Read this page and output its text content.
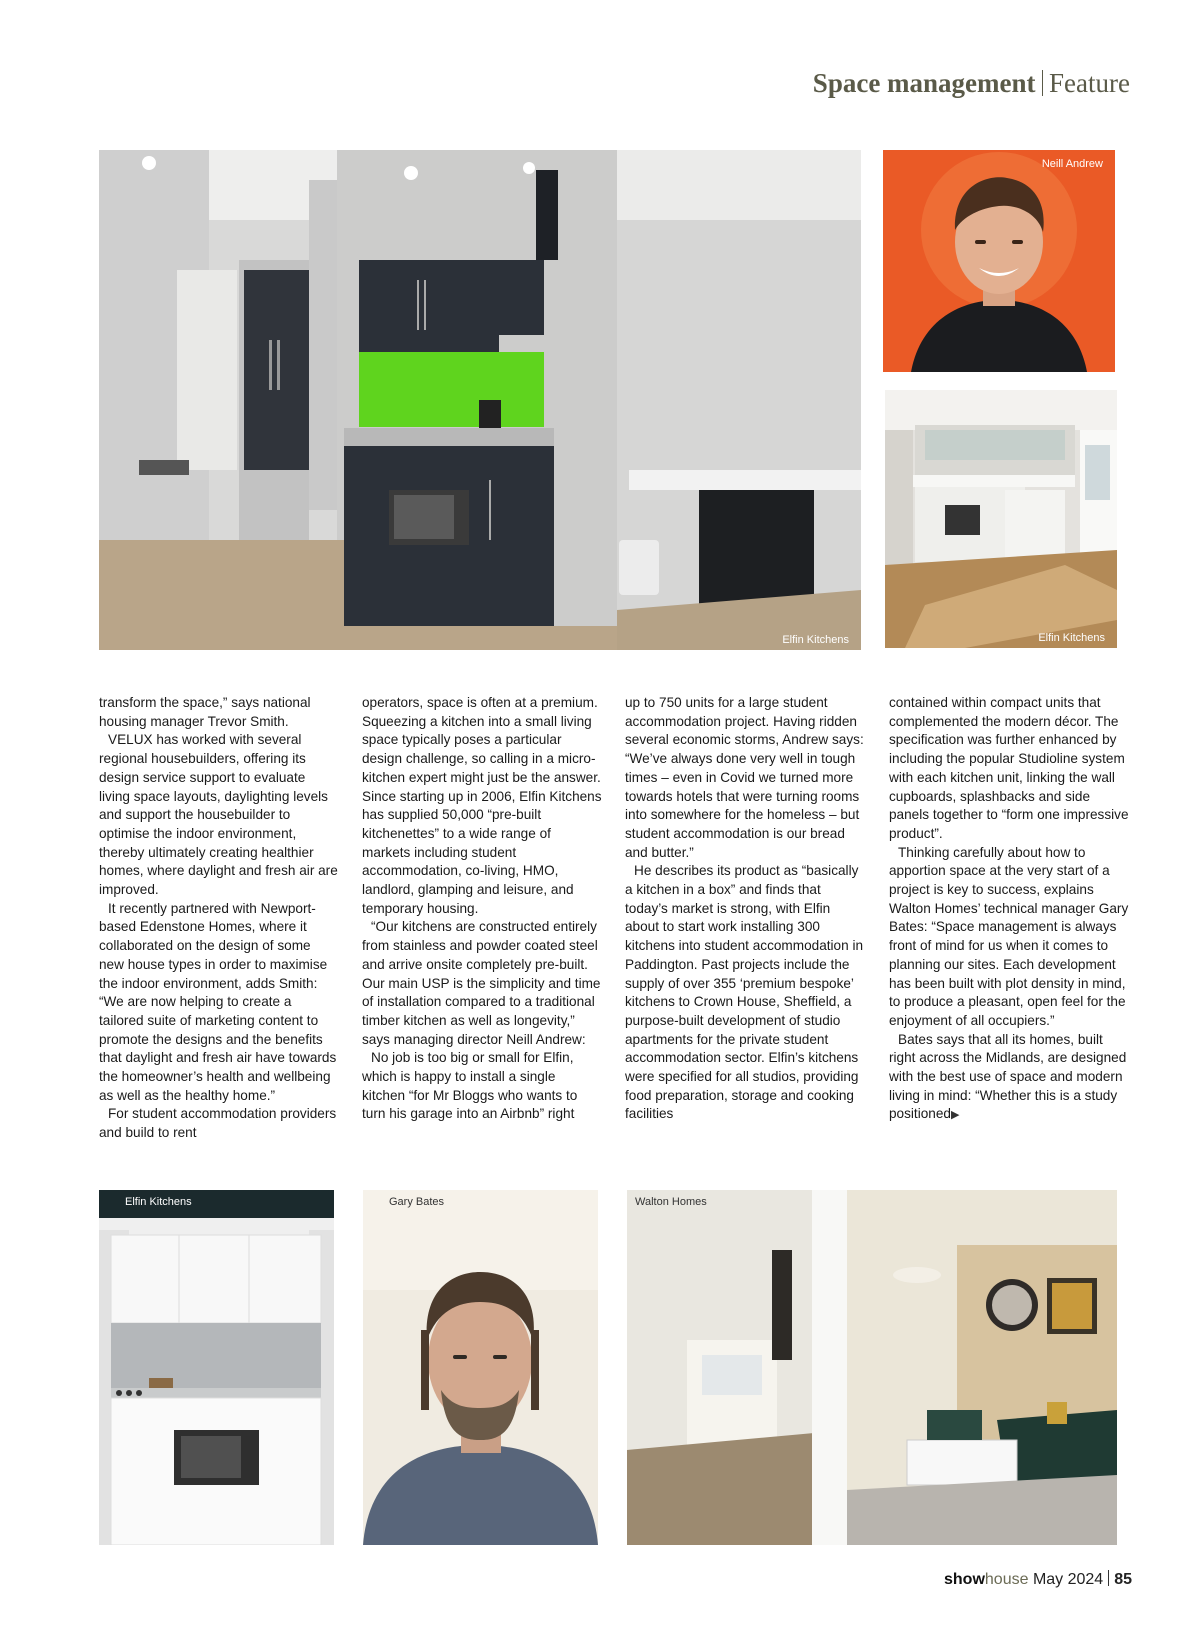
Space management Feature
Elfin Kitchens
Neill Andrew
Elfin Kitchens

transform the space,” says national housing manager Trevor Smith.

VELUX has worked with several regional housebuilders, offering its design service support to evaluate living space layouts, daylighting levels and support the housebuilder to optimise the indoor environment, thereby ultimately creating healthier homes, where daylight and fresh air are improved.

It recently partnered with Newport-based Edenstone Homes, where it collaborated on the design of some new house types in order to maximise the indoor environment, adds Smith: “We are now helping to create a tailored suite of marketing content to promote the designs and the benefits that daylight and fresh air have towards the homeowner’s health and wellbeing as well as the healthy home.”

For student accommodation providers and build to rent

operators, space is often at a premium. Squeezing a kitchen into a small living space typically poses a particular design challenge, so calling in a micro-kitchen expert might just be the answer. Since starting up in 2006, Elfin Kitchens has supplied 50,000 “pre-built kitchenettes” to a wide range of markets including student accommodation, co-living, HMO, landlord, glamping and leisure, and temporary housing.

“Our kitchens are constructed entirely from stainless and powder coated steel and arrive onsite completely pre-built. Our main USP is the simplicity and time of installation compared to a traditional timber kitchen as well as longevity,” says managing director Neill Andrew:

No job is too big or small for Elfin, which is happy to install a single kitchen “for Mr Bloggs who wants to turn his garage into an Airbnb” right

up to 750 units for a large student accommodation project. Having ridden several economic storms, Andrew says: “We’ve always done very well in tough times – even in Covid we turned more towards hotels that were turning rooms into somewhere for the homeless – but student accommodation is our bread and butter.”

He describes its product as “basically a kitchen in a box” and finds that today’s market is strong, with Elfin about to start work installing 300 kitchens into student accommodation in Paddington. Past projects include the supply of over 355 ‘premium bespoke’ kitchens to Crown House, Sheffield, a purpose-built development of studio apartments for the private student accommodation sector. Elfin’s kitchens were specified for all studios, providing food preparation, storage and cooking facilities

contained within compact units that complemented the modern décor. The specification was further enhanced by including the popular Studioline system with each kitchen unit, linking the wall cupboards, splashbacks and side panels together to “form one impressive product”.

Thinking carefully about how to apportion space at the very start of a project is key to success, explains Walton Homes’ technical manager Gary Bates: “Space management is always front of mind for us when it comes to planning our sites. Each development has been built with plot density in mind, to produce a pleasant, open feel for the enjoyment of all occupiers.”

Bates says that all its homes, built right across the Midlands, are designed with the best use of space and modern living in mind: “Whether this is a study positioned▶

Elfin Kitchens	Gary Bates	Walton Homes
showhouse May 2024 85
